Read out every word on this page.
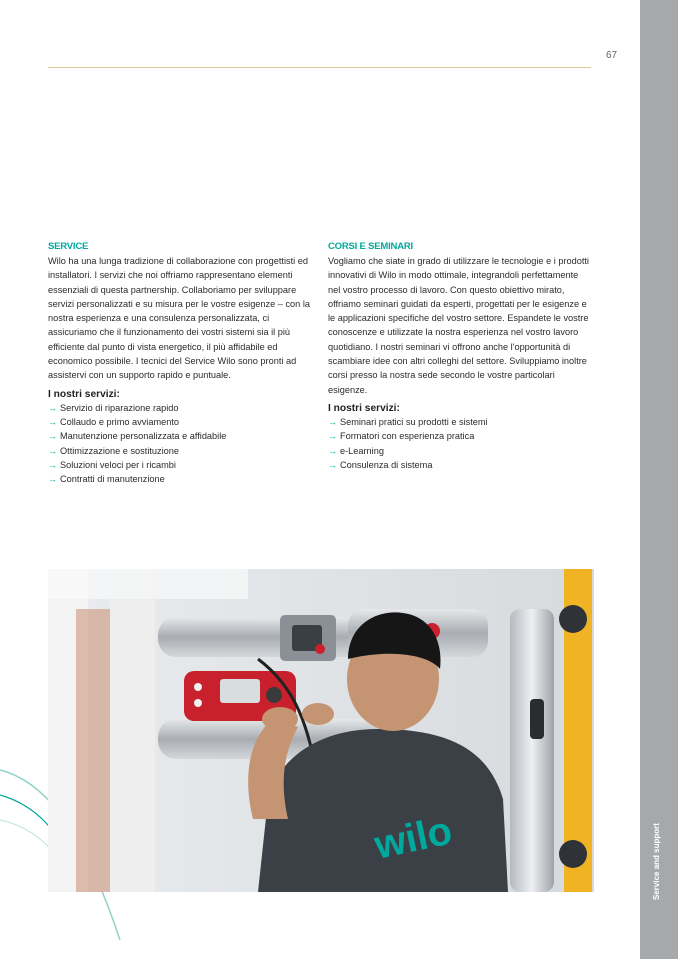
Service and support
67
SERVICE

Wilo ha una lunga tradizione di collaborazione con progettisti ed installatori. I servizi che noi offriamo rappresentano elementi essenziali di questa partnership. Collaboriamo per sviluppare servizi personalizzati e su misura per le vostre esigenze – con la nostra esperienza e una consulenza personalizzata, ci assicuriamo che il funzionamento dei vostri sistemi sia il più efficiente dal punto di vista energetico, il più affidabile ed economico possibile. I tecnici del Service Wilo sono pronti ad assistervi con un supporto rapido e puntuale.

I nostri servizi:
→ Servizio di riparazione rapido
→ Collaudo e primo avviamento
→ Manutenzione personalizzata e affidabile
→ Ottimizzazione e sostituzione
→ Soluzioni veloci per i ricambi
→ Contratti di manutenzione
CORSI E SEMINARI

Vogliamo che siate in grado di utilizzare le tecnologie e i prodotti innovativi di Wilo in modo ottimale, integrandoli perfettamente nel vostro processo di lavoro. Con questo obiettivo mirato, offriamo seminari guidati da esperti, progettati per le esigenze e le applicazioni specifiche del vostro settore. Espandete le vostre conoscenze e utilizzate la nostra esperienza nel vostro lavoro quotidiano. I nostri seminari vi offrono anche l'opportunità di scambiare idee con altri colleghi del settore. Sviluppiamo inoltre corsi presso la nostra sede secondo le vostre particolari esigenze.

I nostri servizi:
→ Seminari pratici su prodotti e sistemi
→ Formatori con esperienza pratica
→ e-Learning
→ Consulenza di sistema
wilo
